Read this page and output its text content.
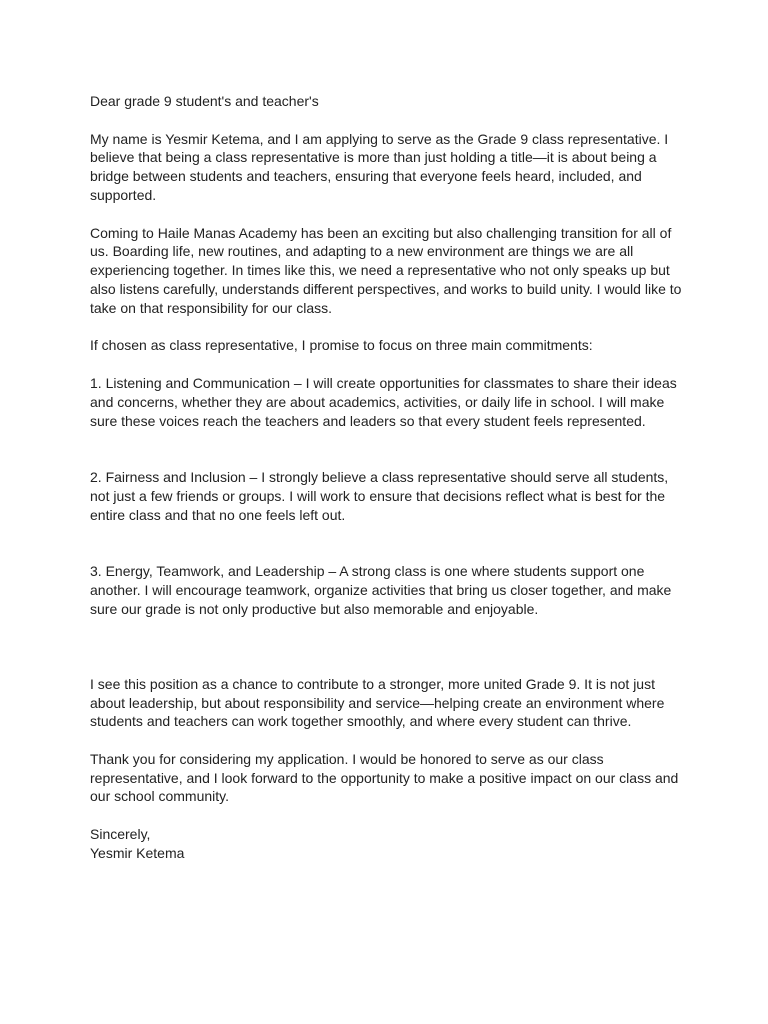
Dear grade 9 student's and teacher's

My name is Yesmir Ketema, and I am applying to serve as the Grade 9 class representative. I believe that being a class representative is more than just holding a title—it is about being a bridge between students and teachers, ensuring that everyone feels heard, included, and supported.

Coming to Haile Manas Academy has been an exciting but also challenging transition for all of us. Boarding life, new routines, and adapting to a new environment are things we are all experiencing together. In times like this, we need a representative who not only speaks up but also listens carefully, understands different perspectives, and works to build unity. I would like to take on that responsibility for our class.

If chosen as class representative, I promise to focus on three main commitments:

1. Listening and Communication – I will create opportunities for classmates to share their ideas and concerns, whether they are about academics, activities, or daily life in school. I will make sure these voices reach the teachers and leaders so that every student feels represented.

2. Fairness and Inclusion – I strongly believe a class representative should serve all students, not just a few friends or groups. I will work to ensure that decisions reflect what is best for the entire class and that no one feels left out.

3. Energy, Teamwork, and Leadership – A strong class is one where students support one another. I will encourage teamwork, organize activities that bring us closer together, and make sure our grade is not only productive but also memorable and enjoyable.

I see this position as a chance to contribute to a stronger, more united Grade 9. It is not just about leadership, but about responsibility and service—helping create an environment where students and teachers can work together smoothly, and where every student can thrive.

Thank you for considering my application. I would be honored to serve as our class representative, and I look forward to the opportunity to make a positive impact on our class and our school community.

Sincerely,

Yesmir Ketema
